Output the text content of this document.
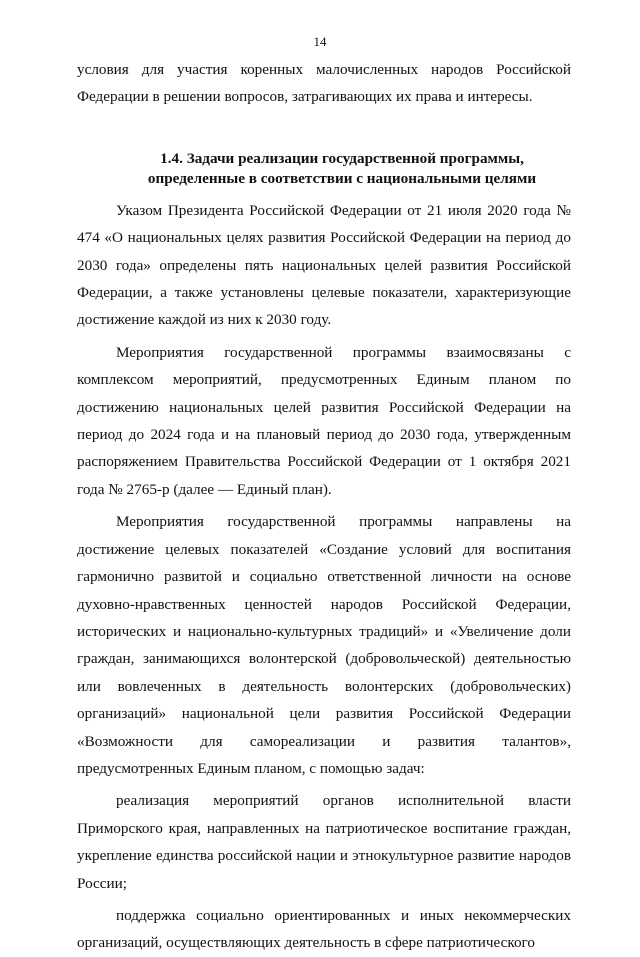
14

условия для участия коренных малочисленных народов Российской Федерации в решении вопросов, затрагивающих их права и интересы.

1.4. Задачи реализации государственной программы,
определенные в соответствии с национальными целями

Указом Президента Российской Федерации от 21 июля 2020 года № 474 «О национальных целях развития Российской Федерации на период до 2030 года» определены пять национальных целей развития Российской Федерации, а также установлены целевые показатели, характеризующие достижение каждой из них к 2030 году.

Мероприятия государственной программы взаимосвязаны с комплексом мероприятий, предусмотренных Единым планом по достижению национальных целей развития Российской Федерации на период до 2024 года и на плановый период до 2030 года, утвержденным распоряжением Правительства Российской Федерации от 1 октября 2021 года № 2765-р (далее — Единый план).

Мероприятия государственной программы направлены на достижение целевых показателей «Создание условий для воспитания гармонично развитой и социально ответственной личности на основе духовно-нравственных ценностей народов Российской Федерации, исторических и национально-культурных традиций» и «Увеличение доли граждан, занимающихся волонтерской (добровольческой) деятельностью или вовлеченных в деятельность волонтерских (добровольческих) организаций» национальной цели развития Российской Федерации «Возможности для самореализации и развития талантов», предусмотренных Единым планом, с помощью задач:

реализация мероприятий органов исполнительной власти Приморского края, направленных на патриотическое воспитание граждан, укрепление единства российской нации и этнокультурное развитие народов России;

поддержка социально ориентированных и иных некоммерческих организаций, осуществляющих деятельность в сфере патриотического
